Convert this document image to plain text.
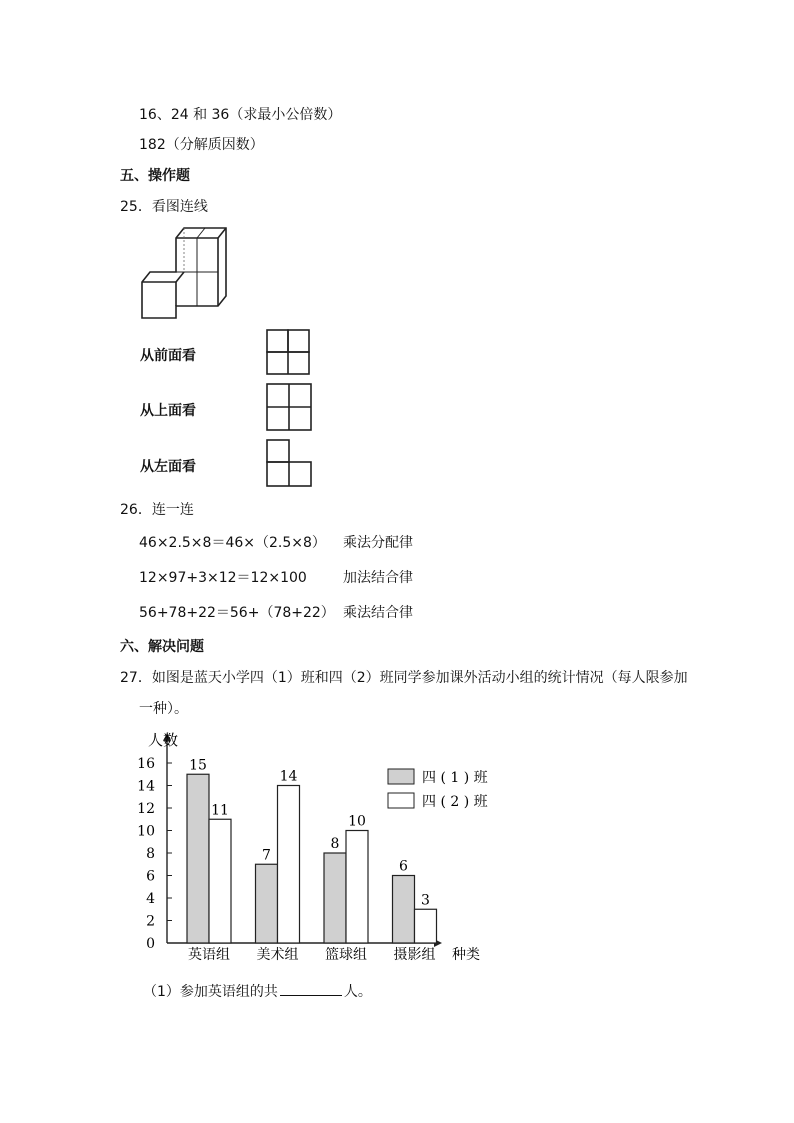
16、24 和 36（求最小公倍数）
182（分解质因数）
五、操作题
25．看图连线
从前面看
从上面看
从左面看
26．连一连
46×2.5×8＝46×（2.5×8） 乘法分配律
12×97+3×12＝12×100	加法结合律
56+78+22＝56+（78+22） 乘法结合律
六、解决问题
27．如图是蓝天小学四（1）班和四（2）班同学参加课外活动小组的统计情况（每人限参加
一种）。
人数
种类
0
2
4
6
8
10
12
14
16 15
11
英语组
7
14
美术组
8
10
篮球组
6
3
摄影组
四 ( 1 ) 班
四 ( 2 ) 班
（1）参加英语组的共	人。
